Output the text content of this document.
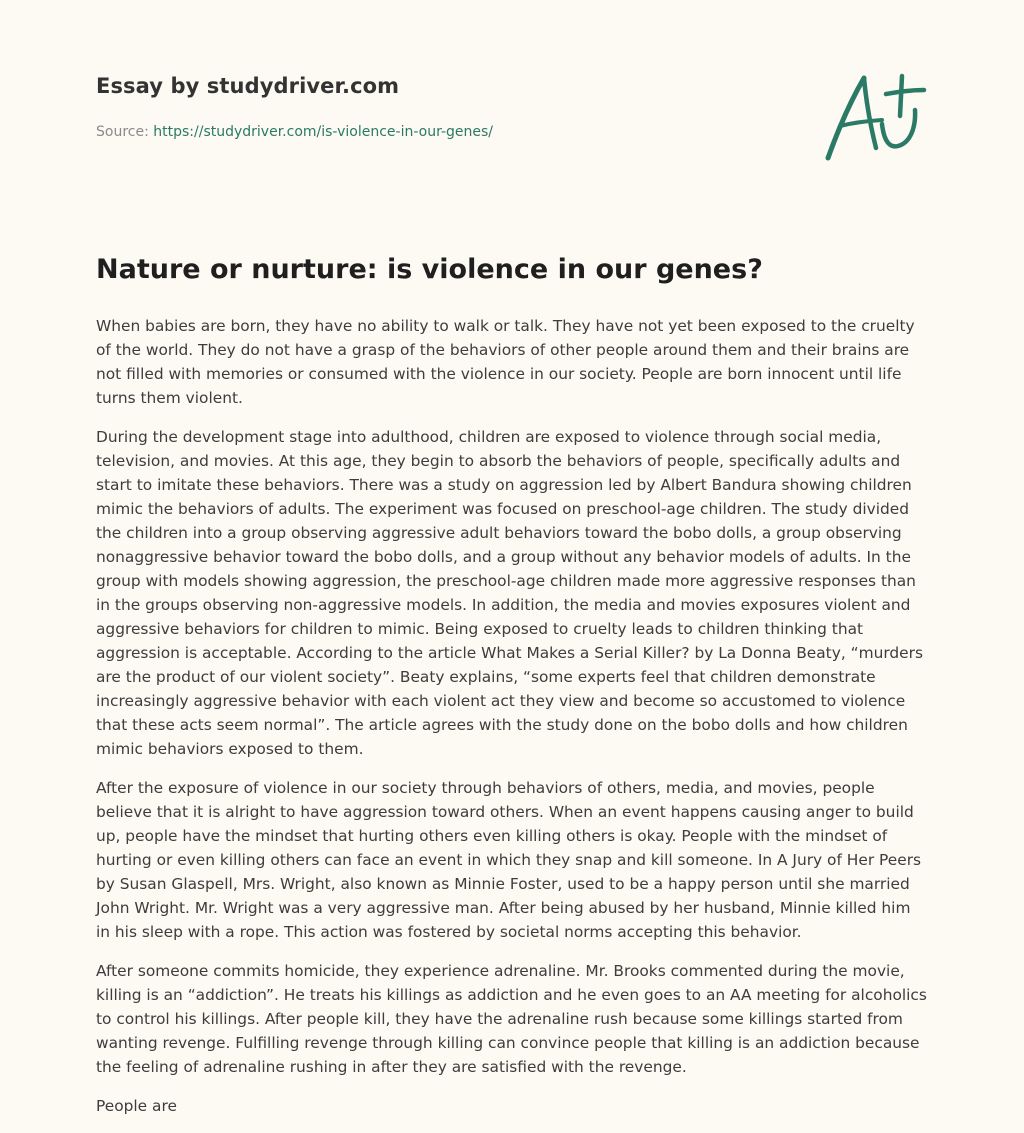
Essay by studydriver.com
Source: https://studydriver.com/is-violence-in-our-genes/
Nature or nurture: is violence in our genes?

When babies are born, they have no ability to walk or talk. They have not yet been exposed to the cruelty of the world. They do not have a grasp of the behaviors of other people around them and their brains are not filled with memories or consumed with the violence in our society. People are born innocent until life turns them violent.

During the development stage into adulthood, children are exposed to violence through social media, television, and movies. At this age, they begin to absorb the behaviors of people, specifically adults and start to imitate these behaviors. There was a study on aggression led by Albert Bandura showing children mimic the behaviors of adults. The experiment was focused on preschool-age children. The study divided the children into a group observing aggressive adult behaviors toward the bobo dolls, a group observing nonaggressive behavior toward the bobo dolls, and a group without any behavior models of adults. In the group with models showing aggression, the preschool-age children made more aggressive responses than in the groups observing non-aggressive models. In addition, the media and movies exposures violent and aggressive behaviors for children to mimic. Being exposed to cruelty leads to children thinking that aggression is acceptable. According to the article What Makes a Serial Killer? by La Donna Beaty, “murders are the product of our violent society”. Beaty explains, “some experts feel that children demonstrate increasingly aggressive behavior with each violent act they view and become so accustomed to violence that these acts seem normal”. The article agrees with the study done on the bobo dolls and how children mimic behaviors exposed to them.

After the exposure of violence in our society through behaviors of others, media, and movies, people believe that it is alright to have aggression toward others. When an event happens causing anger to build up, people have the mindset that hurting others even killing others is okay. People with the mindset of hurting or even killing others can face an event in which they snap and kill someone. In A Jury of Her Peers by Susan Glaspell, Mrs. Wright, also known as Minnie Foster, used to be a happy person until she married John Wright. Mr. Wright was a very aggressive man. After being abused by her husband, Minnie killed him in his sleep with a rope. This action was fostered by societal norms accepting this behavior.

After someone commits homicide, they experience adrenaline. Mr. Brooks commented during the movie, killing is an “addiction”. He treats his killings as addiction and he even goes to an AA meeting for alcoholics to control his killings. After people kill, they have the adrenaline rush because some killings started from wanting revenge. Fulfilling revenge through killing can convince people that killing is an addiction because the feeling of adrenaline rushing in after they are satisfied with the revenge.

People are
